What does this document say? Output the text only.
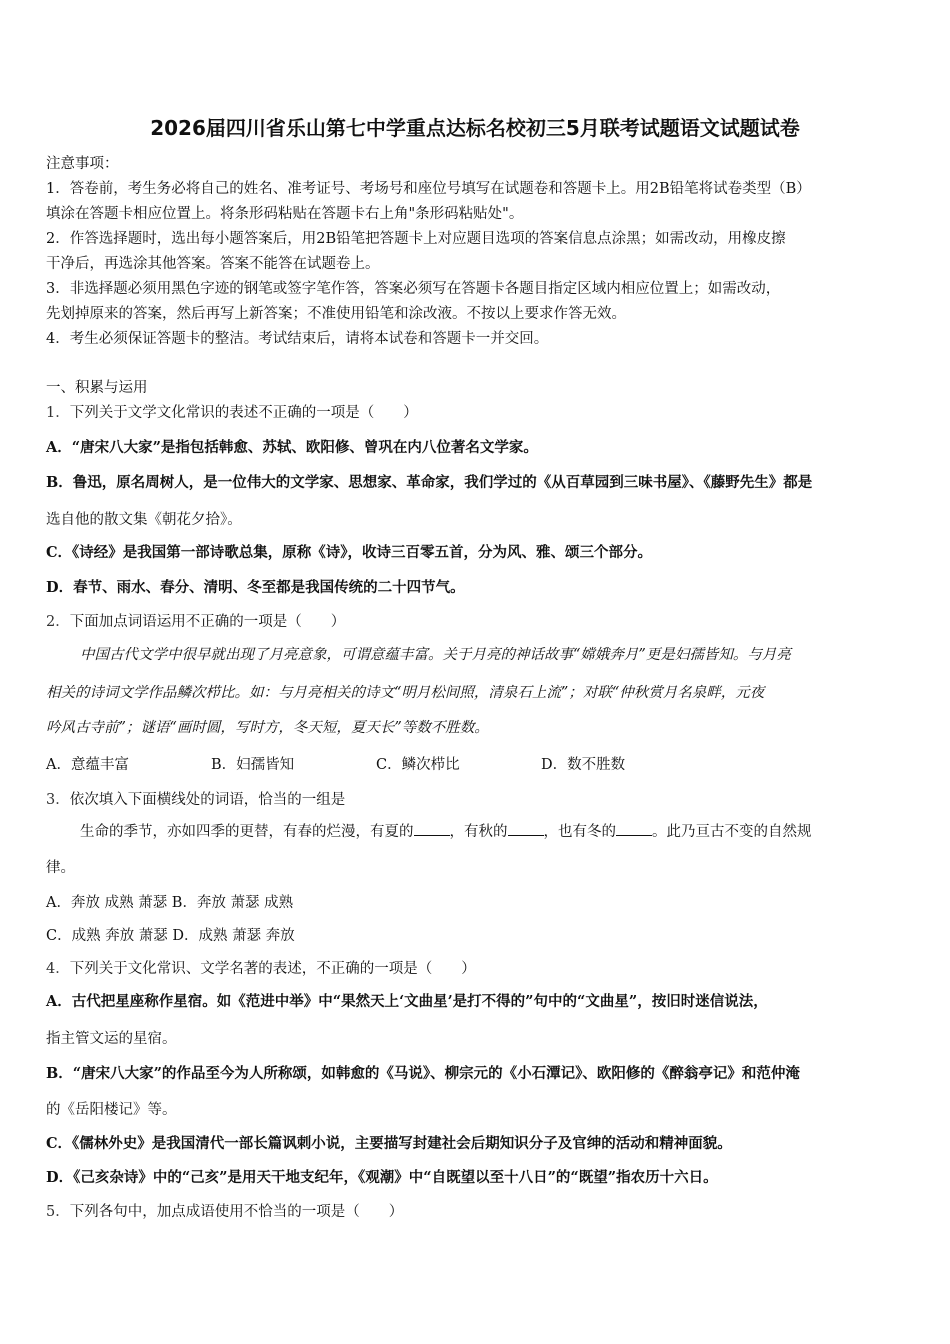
2026届四川省乐山第七中学重点达标名校初三5月联考试题语文试题试卷
注意事项：
1．答卷前，考生务必将自己的姓名、准考证号、考场号和座位号填写在试题卷和答题卡上。用2B铅笔将试卷类型（B）
填涂在答题卡相应位置上。将条形码粘贴在答题卡右上角"条形码粘贴处"。
2．作答选择题时，选出每小题答案后，用2B铅笔把答题卡上对应题目选项的答案信息点涂黑；如需改动，用橡皮擦
干净后，再选涂其他答案。答案不能答在试题卷上。
3．非选择题必须用黑色字迹的钢笔或签字笔作答，答案必须写在答题卡各题目指定区域内相应位置上；如需改动，
先划掉原来的答案，然后再写上新答案；不准使用铅笔和涂改液。不按以上要求作答无效。
4．考生必须保证答题卡的整洁。考试结束后，请将本试卷和答题卡一并交回。
一、积累与运用
1．下列关于文学文化常识的表述不正确的一项是（　　）
A．“唐宋八大家”是指包括韩愈、苏轼、欧阳修、曾巩在内八位著名文学家。
B．鲁迅，原名周树人，是一位伟大的文学家、思想家、革命家，我们学过的《从百草园到三味书屋》、《藤野先生》都是
选自他的散文集《朝花夕拾》。
C．《诗经》是我国第一部诗歌总集，原称《诗》，收诗三百零五首，分为风、雅、颂三个部分。
D．春节、雨水、春分、清明、冬至都是我国传统的二十四节气。
2．下面加点词语运用不正确的一项是（　　）
中国古代文学中很早就出现了月亮意象，可谓意蕴丰富。关于月亮的神话故事“嫦娥奔月”更是妇孺皆知。与月亮
相关的诗词文学作品鳞次栉比。如：与月亮相关的诗文“明月松间照，清泉石上流”；对联“仲秋赏月名泉畔，元夜
吟风古寺前”；谜语“画时圆，写时方，冬天短，夏天长”等数不胜数。
A．意蕴丰富	B．妇孺皆知	C．鳞次栉比	D．数不胜数
3．依次填入下面横线处的词语，恰当的一组是
生命的季节，亦如四季的更替，有春的烂漫，有夏的 ，有秋的 ，也有冬的 。此乃亘古不变的自然规
律。
A．奔放 成熟 萧瑟 B．奔放 萧瑟 成熟
C．成熟 奔放 萧瑟 D．成熟 萧瑟 奔放
4．下列关于文化常识、文学名著的表述，不正确的一项是（　　）
A．古代把星座称作星宿。如《范进中举》中“果然天上‘文曲星’是打不得的”句中的“文曲星”，按旧时迷信说法，
指主管文运的星宿。
B．“唐宋八大家”的作品至今为人所称颂，如韩愈的《马说》、柳宗元的《小石潭记》、欧阳修的《醉翁亭记》和范仲淹
的《岳阳楼记》等。
C．《儒林外史》是我国清代一部长篇讽刺小说，主要描写封建社会后期知识分子及官绅的活动和精神面貌。
D．《己亥杂诗》中的“己亥”是用天干地支纪年，《观潮》中“自既望以至十八日”的“既望”指农历十六日。
5．下列各句中，加点成语使用不恰当的一项是（　　）
